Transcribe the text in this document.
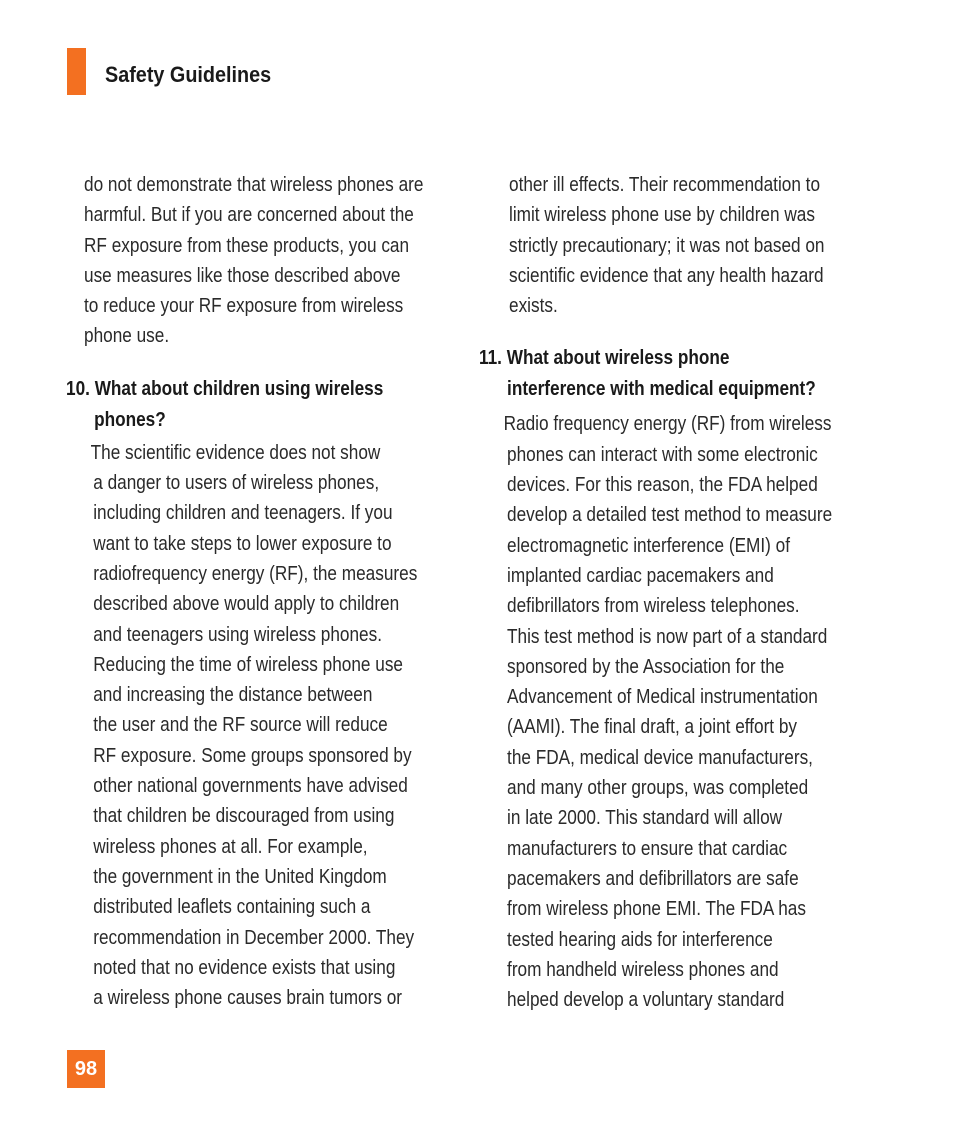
Safety Guidelines

do not demonstrate that wireless phones are

harmful. But if you are concerned about the

RF exposure from these products, you can

use measures like those described above

to reduce your RF exposure from wireless

phone use.

10. What about children using wireless

phones?

The scientific evidence does not show

a danger to users of wireless phones,

including children and teenagers. If you

want to take steps to lower exposure to

radiofrequency energy (RF), the measures

described above would apply to children

and teenagers using wireless phones.

Reducing the time of wireless phone use

and increasing the distance between

the user and the RF source will reduce

RF exposure. Some groups sponsored by

other national governments have advised

that children be discouraged from using

wireless phones at all. For example,

the government in the United Kingdom

distributed leaflets containing such a

recommendation in December 2000. They

noted that no evidence exists that using

a wireless phone causes brain tumors or

other ill effects. Their recommendation to

limit wireless phone use by children was

strictly precautionary; it was not based on

scientific evidence that any health hazard

exists.

11. What about wireless phone

interference with medical equipment?

Radio frequency energy (RF) from wireless

phones can interact with some electronic

devices. For this reason, the FDA helped

develop a detailed test method to measure

electromagnetic interference (EMI) of

implanted cardiac pacemakers and

defibrillators from wireless telephones.

This test method is now part of a standard

sponsored by the Association for the

Advancement of Medical instrumentation

(AAMI). The final draft, a joint effort by

the FDA, medical device manufacturers,

and many other groups, was completed

in late 2000. This standard will allow

manufacturers to ensure that cardiac

pacemakers and defibrillators are safe

from wireless phone EMI. The FDA has

tested hearing aids for interference

from handheld wireless phones and

helped develop a voluntary standard

98
